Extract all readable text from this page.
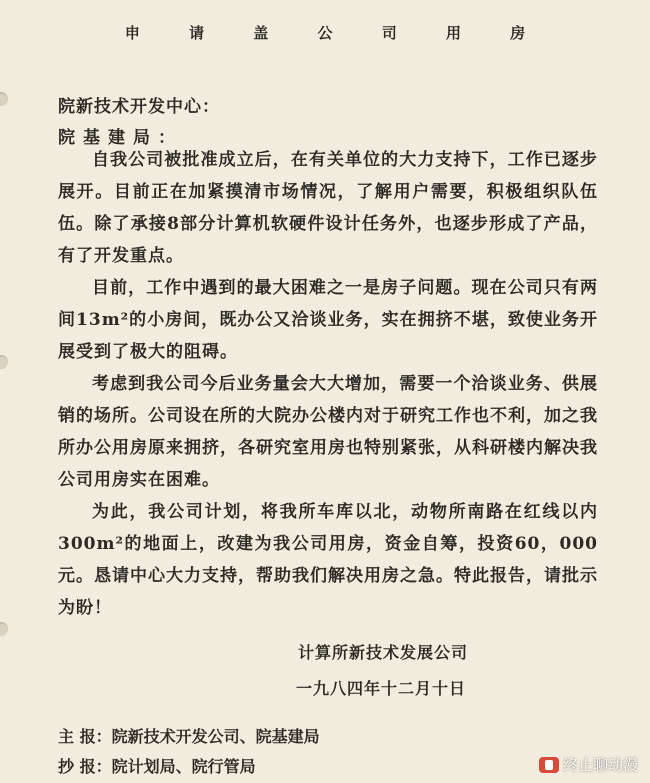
申 请 盖 公 司 用 房
院新技术开发中心：
院基建局：

自我公司被批准成立后，在有关单位的大力支持下，工作已逐步展开。目前正在加紧摸清市场情况，了解用户需要，积极组织队伍伍。除了承接8部分计算机软硬件设计任务外，也逐步形成了产品，有了开发重点。

目前，工作中遇到的最大困难之一是房子问题。现在公司只有两间13m²的小房间，既办公又洽谈业务，实在拥挤不堪，致使业务开展受到了极大的阻碍。

考虑到我公司今后业务量会大大增加，需要一个洽谈业务、供展销的场所。公司设在所的大院办公楼内对于研究工作也不利，加之我所办公用房原来拥挤，各研究室用房也特别紧张，从科研楼内解决我公司用房实在困难。

为此，我公司计划，将我所车库以北，动物所南路在红线以内300m²的地面上，改建为我公司用房，资金自筹，投资60，000元。恳请中心大力支持，帮助我们解决用房之急。特此报告，请批示为盼！

计算所新技术发展公司
一九八四年十二月十日
主 报：院新技术开发公司、院基建局
抄 报：院计划局、院行管局	终止聊动漫
